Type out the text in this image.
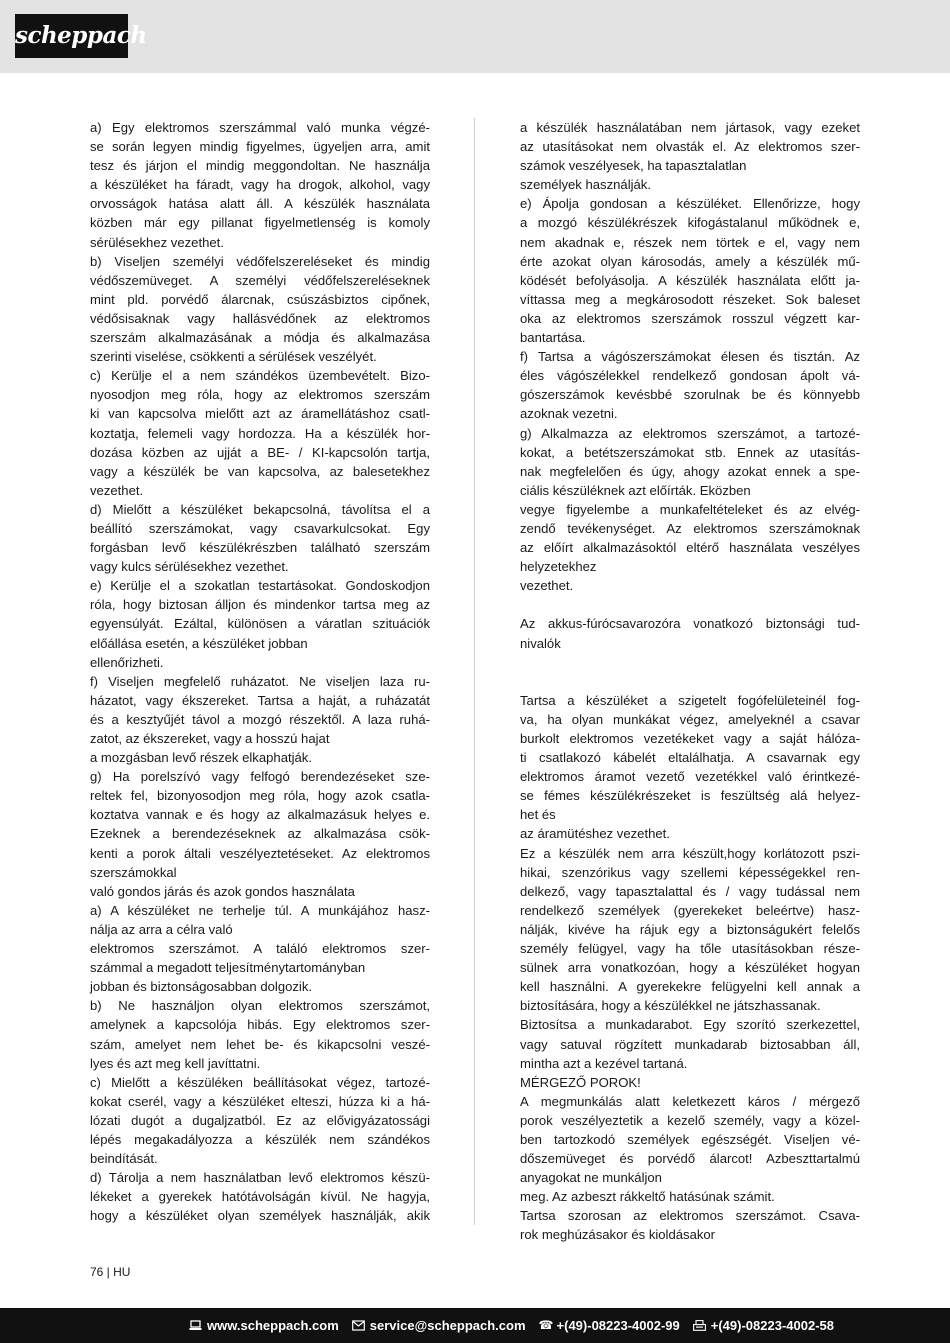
scheppach

a) Egy elektromos szerszámmal való munka végzé-

se során legyen mindig figyelmes, ügyeljen arra, amit

tesz és járjon el mindig meggondoltan. Ne használja

a készüléket ha fáradt, vagy ha drogok, alkohol, vagy

orvosságok hatása alatt áll. A készülék használata

közben már egy pillanat figyelmetlenség is komoly

sérülésekhez vezethet.

b) Viseljen személyi védőfelszereléseket és mindig

védőszemüveget. A személyi védőfelszereléseknek

mint pld. porvédő álarcnak, csúszásbiztos cipőnek,

védősisaknak vagy hallásvédőnek az elektromos

szerszám alkalmazásának a módja és alkalmazása

szerinti viselése, csökkenti a sérülések veszélyét.

c) Kerülje el a nem szándékos üzembevételt. Bizo-

nyosodjon meg róla, hogy az elektromos szerszám

ki van kapcsolva mielőtt azt az áramellátáshoz csatl-

koztatja, felemeli vagy hordozza. Ha a készülék hor-

dozása közben az ujját a BE- / KI-kapcsolón tartja,

vagy a készülék be van kapcsolva, az balesetekhez

vezethet.

d) Mielőtt a készüléket bekapcsolná, távolítsa el a

beállító szerszámokat, vagy csavarkulcsokat. Egy

forgásban levő készülékrészben található szerszám

vagy kulcs sérülésekhez vezethet.

e) Kerülje el a szokatlan testartásokat. Gondoskodjon

róla, hogy biztosan álljon és mindenkor tartsa meg az

egyensúlyát. Ezáltal, különösen a váratlan szituációk

előállása esetén, a készüléket jobban

ellenőrizheti.

f) Viseljen megfelelő ruházatot. Ne viseljen laza ru-

házatot, vagy ékszereket. Tartsa a haját, a ruházatát

és a kesztyűjét távol a mozgó részektől. A laza ruhá-

zatot, az ékszereket, vagy a hosszú hajat

a mozgásban levő részek elkaphatják.

g) Ha porelszívó vagy felfogó berendezéseket sze-

reltek fel, bizonyosodjon meg róla, hogy azok csatla-

koztatva vannak e és hogy az alkalmazásuk helyes e.

Ezeknek a berendezéseknek az alkalmazása csök-

kenti a porok általi veszélyeztetéseket. Az elektromos

szerszámokkal

való gondos járás és azok gondos használata

a) A készüléket ne terhelje túl. A munkájához hasz-

nálja az arra a célra való

elektromos szerszámot. A találó elektromos szer-

számmal a megadott teljesítménytartományban

jobban és biztonságosabban dolgozik.

b) Ne használjon olyan elektromos szerszámot,

amelynek a kapcsolója hibás. Egy elektromos szer-

szám, amelyet nem lehet be- és kikapcsolni veszé-

lyes és azt meg kell javíttatni.

c) Mielőtt a készüléken beállításokat végez, tartozé-

kokat cserél, vagy a készüléket elteszi, húzza ki a há-

lózati dugót a dugaljzatból. Ez az elővigyázatossági

lépés megakadályozza a készülék nem szándékos

beindítását.

d) Tárolja a nem használatban levő elektromos készü-

lékeket a gyerekek hatótávolságán kívül. Ne hagyja,

hogy a készüléket olyan személyek használják, akik

a készülék használatában nem jártasok, vagy ezeket

az utasításokat nem olvasták el. Az elektromos szer-

számok veszélyesek, ha tapasztalatlan

személyek használják.

e) Ápolja gondosan a készüléket. Ellenőrizze, hogy

a mozgó készülékrészek kifogástalanul működnek e,

nem akadnak e, részek nem törtek e el, vagy nem

érte azokat olyan károsodás, amely a készülék mű-

ködését befolyásolja. A készülék használata előtt ja-

víttassa meg a megkárosodott részeket. Sok baleset

oka az elektromos szerszámok rosszul végzett kar-

bantartása.

f) Tartsa a vágószerszámokat élesen és tisztán. Az

éles vágószélekkel rendelkező gondosan ápolt vá-

gószerszámok kevésbbé szorulnak be és könnyebb

azoknak vezetni.

g) Alkalmazza az elektromos szerszámot, a tartozé-

kokat, a betétszerszámokat stb. Ennek az utasítás-

nak megfelelően és úgy, ahogy azokat ennek a spe-

ciális készüléknek azt előírták. Eközben

vegye figyelembe a munkafeltételeket és az elvég-

zendő tevékenységet. Az elektromos szerszámoknak

az előírt alkalmazásoktól eltérő használata veszélyes

helyzetekhez

vezethet.

Az akkus-fúrócsavarozóra vonatkozó biztonsági tud-

nivalók

Tartsa a készüléket a szigetelt fogófelületeinél fog-

va, ha olyan munkákat végez, amelyeknél a csavar

burkolt elektromos vezetékeket vagy a saját hálóza-

ti csatlakozó kábelét eltalálhatja. A csavarnak egy

elektromos áramot vezető vezetékkel való érintkezé-

se fémes készülékrészeket is feszültség alá helyez-

het és

az áramütéshez vezethet.

Ez a készülék nem arra készült,hogy korlátozott pszi-

hikai, szenzórikus vagy szellemi képességekkel ren-

delkező, vagy tapasztalattal és / vagy tudással nem

rendelkező személyek (gyerekeket beleértve) hasz-

nálják, kivéve ha rájuk egy a biztonságukért felelős

személy felügyel, vagy ha tőle utasításokban része-

sülnek arra vonatkozóan, hogy a készüléket hogyan

kell használni. A gyerekekre felügyelni kell annak a

biztosítására, hogy a készülékkel ne játszhassanak.

Biztosítsa a munkadarabot. Egy szorító szerkezettel,

vagy satuval rögzített munkadarab biztosabban áll,

mintha azt a kezével tartaná.

MÉRGEZŐ POROK!

A megmunkálás alatt keletkezett káros / mérgező

porok veszélyeztetik a kezelő személy, vagy a közel-

ben tartozkodó személyek egészségét. Viseljen vé-

dőszemüveget és porvédő álarcot! Azbeszttartalmú

anyagokat ne munkáljon

meg. Az azbeszt rákkeltő hatásúnak számit.

Tartsa szorosan az elektromos szerszámot. Csava-

rok meghúzásakor és kioldásakor

76 | HU
www.scheppach.com service@scheppach.com ☎ +(49)-08223-4002-99 +(49)-08223-4002-58
